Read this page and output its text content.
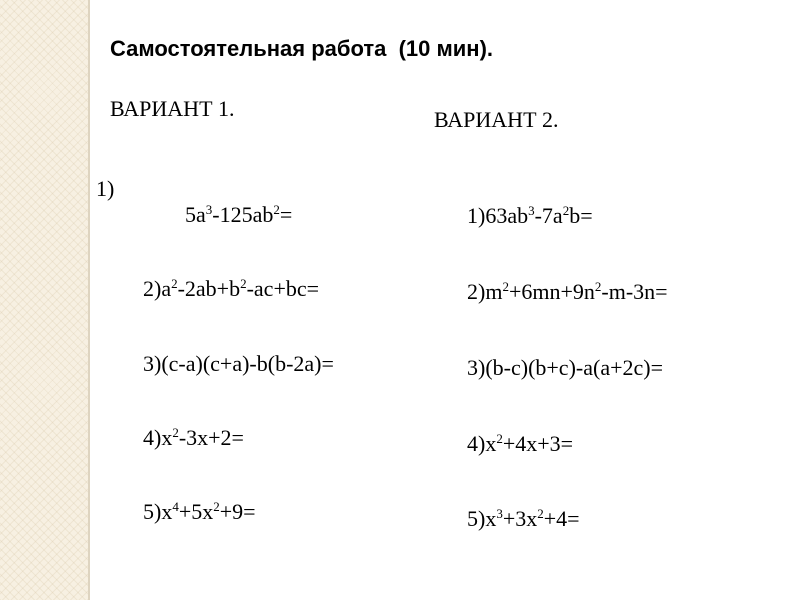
Самостоятельная работа  (10 мин).
ВАРИАНТ 1.
1)

$5a^3-125ab^2=$

$2)a^2-2ab+b^2-ac+bc=$

3)(c-a)(c+a)-b(b-2a)=

$4)x^2-3x+2=$

$5)x^4+5x^2+9=$

ВАРИАНТ 2.

$1)63ab^3-7a^2b=$

$2)m^2+6mn+9n^2-m-3n=$

3)(b-c)(b+c)-a(a+2c)=

$4)x^2+4x+3=$

$5)x^3+3x^2+4=$
